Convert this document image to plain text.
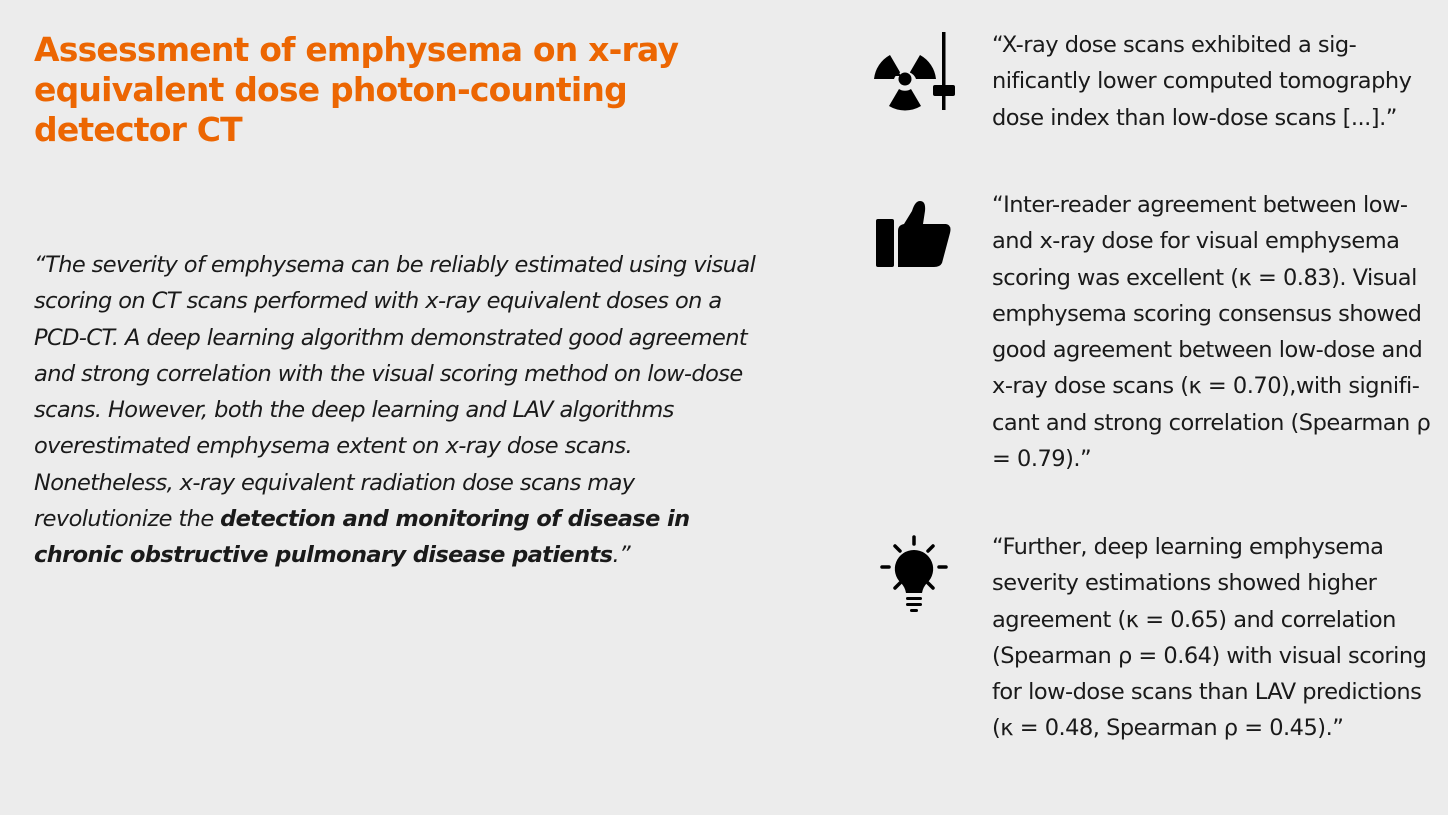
Assessment of emphysema on x-ray equivalent dose photon-counting detector CT

“The severity of emphysema can be reliably estimated using visual scoring on CT scans performed with x-ray equivalent doses on a PCD-CT. A deep learning algorithm demonstrated good agreement and strong correlation with the visual scoring method on low-dose scans. However, both the deep learning and LAV algorithms overestimated emphysema extent on x-ray dose scans. Nonetheless, x-ray equivalent radiation dose scans may revolutionize the detection and monitoring of disease in chronic obstructive pulmonary disease patients.”

“X-ray dose scans exhibited a significantly lower computed tomography dose index than low-dose scans [...].”

“Inter-reader agreement between low- and x-ray dose for visual emphysema scoring was excellent (κ = 0.83). Visual emphysema scoring consensus showed good agreement between low-dose and x-ray dose scans (κ = 0.70),with significant and strong correlation (Spearman ρ = 0.79).”

“Further, deep learning emphysema severity estimations showed higher agreement (κ = 0.65) and correlation (Spearman ρ = 0.64) with visual scoring for low-dose scans than LAV predictions (κ = 0.48, Spearman ρ = 0.45).”
